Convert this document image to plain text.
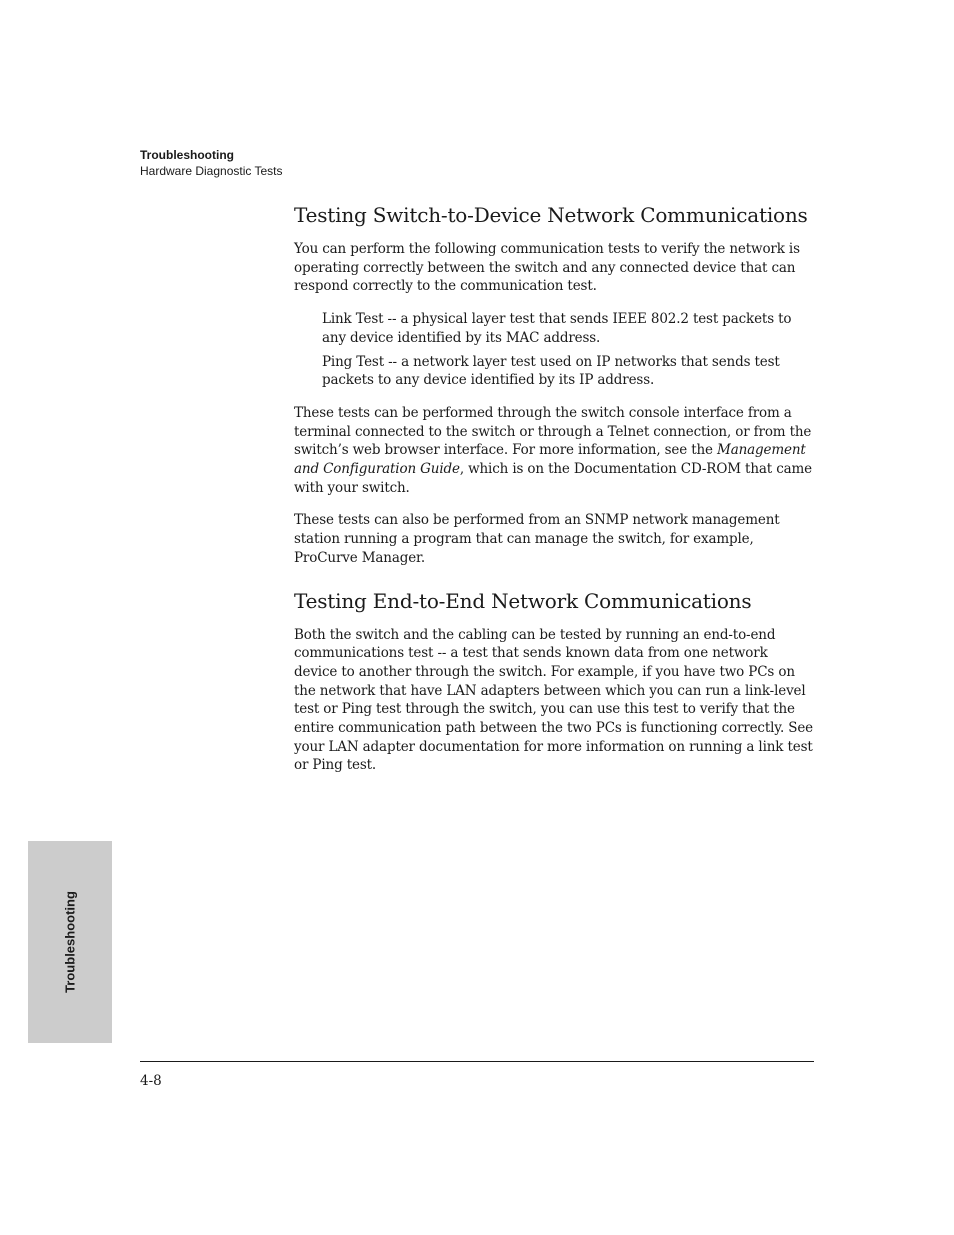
Troubleshooting
Hardware Diagnostic Tests
Testing Switch-to-Device Network Communications

You can perform the following communication tests to verify the network is operating correctly between the switch and any connected device that can respond correctly to the communication test.

Link Test -- a physical layer test that sends IEEE 802.2 test packets to any device identified by its MAC address.

Ping Test -- a network layer test used on IP networks that sends test packets to any device identified by its IP address.

These tests can be performed through the switch console interface from a terminal connected to the switch or through a Telnet connection, or from the switch’s web browser interface. For more information, see the Management and Configuration Guide, which is on the Documentation CD-ROM that came with your switch.

These tests can also be performed from an SNMP network management station running a program that can manage the switch, for example, ProCurve Manager.

Testing End-to-End Network Communications

Both the switch and the cabling can be tested by running an end-to-end communications test -- a test that sends known data from one network device to another through the switch. For example, if you have two PCs on the network that have LAN adapters between which you can run a link-level test or Ping test through the switch, you can use this test to verify that the entire communication path between the two PCs is functioning correctly. See your LAN adapter documentation for more information on running a link test or Ping test.

Troubleshooting
4-8
